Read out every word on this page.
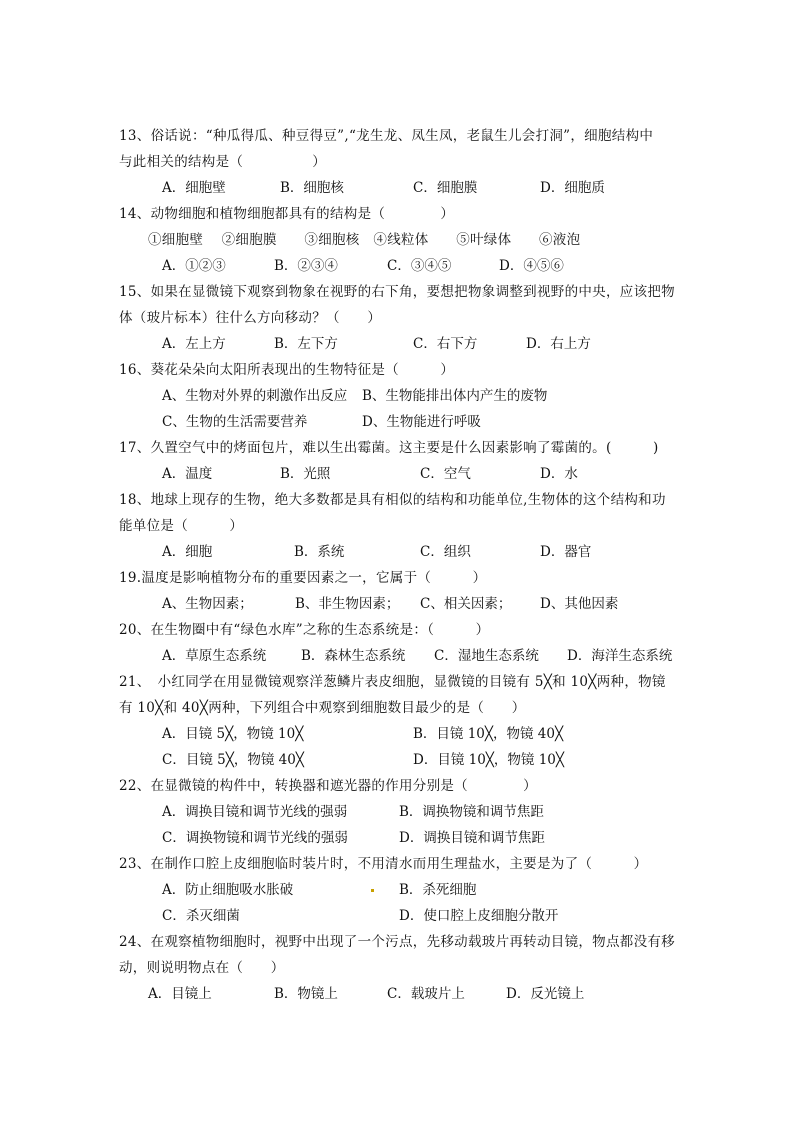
13、俗话说：“种瓜得瓜、种豆得豆”,“龙生龙、凤生凤，老鼠生儿会打洞”，细胞结构中
与此相关的结构是（　　　　　）
A．细胞壁	B．细胞核	C．细胞膜	D．细胞质
14、动物细胞和植物细胞都具有的结构是（　　　　）
①细胞壁　 ②细胞膜　　③细胞核　④线粒体　　⑤叶绿体　　⑥液泡
A．①②③	B．②③④	C．③④⑤	D．④⑤⑥
15、如果在显微镜下观察到物象在视野的右下角，要想把物象调整到视野的中央，应该把物
体（玻片标本）往什么方向移动？（　　）
A．左上方	B．左下方	C．右下方	D．右上方
16、葵花朵朵向太阳所表现出的生物特征是（　　　）
A、生物对外界的刺激作出反应 B、生物能排出体内产生的废物
C、生物的生活需要营养	D、生物能进行呼吸
17、久置空气中的烤面包片，难以生出霉菌。这主要是什么因素影响了霉菌的。(　　　)
A．温度	B．光照	C．空气	D．水
18、地球上现存的生物，绝大多数都是具有相似的结构和功能单位,生物体的这个结构和功
能单位是（　　　）
A．细胞	B．系统	C．组织	D．器官
19.温度是影响植物分布的重要因素之一，它属于（　　　）
A、生物因素；	B、非生物因素； C、相关因素； D、其他因素
20、在生物圈中有“绿色水库”之称的生态系统是：（　　　）
A．草原生态系统	B．森林生态系统 C．湿地生态系统 D．海洋生态系统
21、　小红同学在用显微镜观察洋葱鳞片表皮细胞，显微镜的目镜有 5╳和 10╳两种，物镜
有 10╳和 40╳两种，下列组合中观察到细胞数目最少的是（　　）
A．目镜 5╳，物镜 10╳	B．目镜 10╳，物镜 40╳
C．目镜 5╳，物镜 40╳	D．目镜 10╳，物镜 10╳
22、在显微镜的构件中，转换器和遮光器的作用分别是（　　　　）
A．调换目镜和调节光线的强弱	B．调换物镜和调节焦距
C．调换物镜和调节光线的强弱	D．调换目镜和调节焦距
23、在制作口腔上皮细胞临时装片时，不用清水而用生理盐水，主要是为了（　　　）
A．防止细胞吸水胀破	B．杀死细胞
C．杀灭细菌	D．使口腔上皮细胞分散开
24、在观察植物细胞时，视野中出现了一个污点，先移动载玻片再转动目镜，物点都没有移
动，则说明物点在（　　）
A．目镜上	B．物镜上	C．载玻片上	D．反光镜上
